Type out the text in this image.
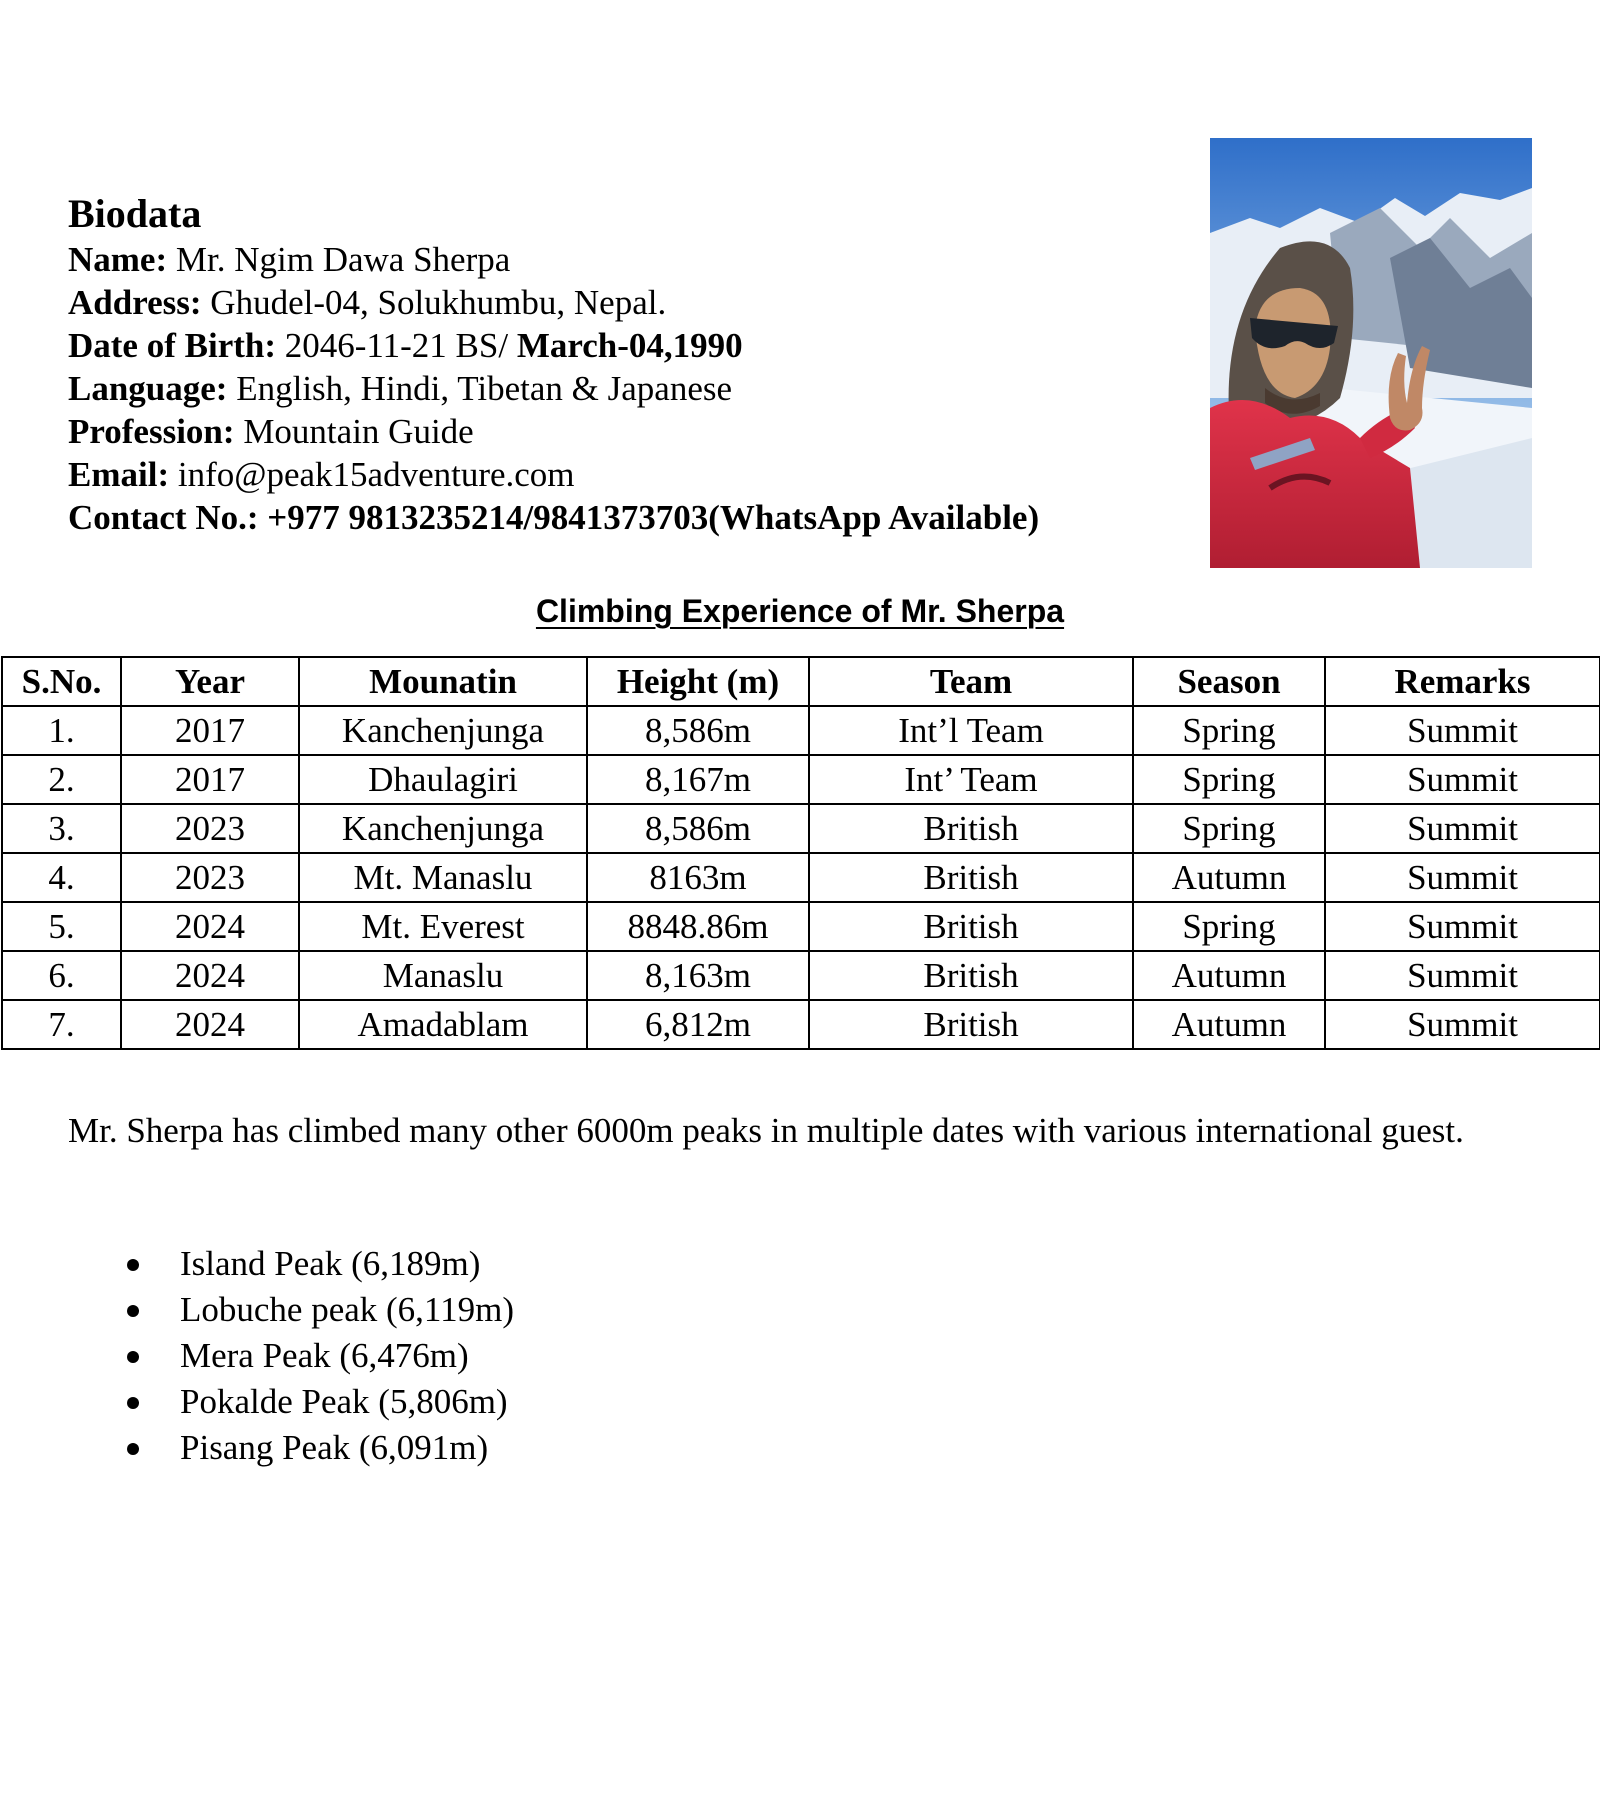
Biodata

Name: Mr. Ngim Dawa Sherpa

Address: Ghudel-04, Solukhumbu, Nepal.

Date of Birth: 2046-11-21 BS/ March-04,1990

Language: English, Hindi, Tibetan & Japanese

Profession: Mountain Guide

Email: info@peak15adventure.com

Contact No.: +977 9813235214/9841373703(WhatsApp Available)

Climbing Experience of Mr. Sherpa

S.No.	Year	Mounatin	Height (m)	Team	Season	Remarks
1.	2017	Kanchenjunga	8,586m	Int’l Team	Spring	Summit
2.	2017	Dhaulagiri	8,167m	Int’ Team	Spring	Summit
3.	2023	Kanchenjunga	8,586m	British	Spring	Summit
4.	2023	Mt. Manaslu	8163m	British	Autumn	Summit
5.	2024	Mt. Everest	8848.86m	British	Spring	Summit
6.	2024	Manaslu	8,163m	British	Autumn	Summit
7.	2024	Amadablam	6,812m	British	Autumn	Summit

Mr. Sherpa has climbed many other 6000m peaks in multiple dates with various international guest.

Island Peak (6,189m)
Lobuche peak (6,119m)
Mera Peak (6,476m)
Pokalde Peak (5,806m)
Pisang Peak (6,091m)
